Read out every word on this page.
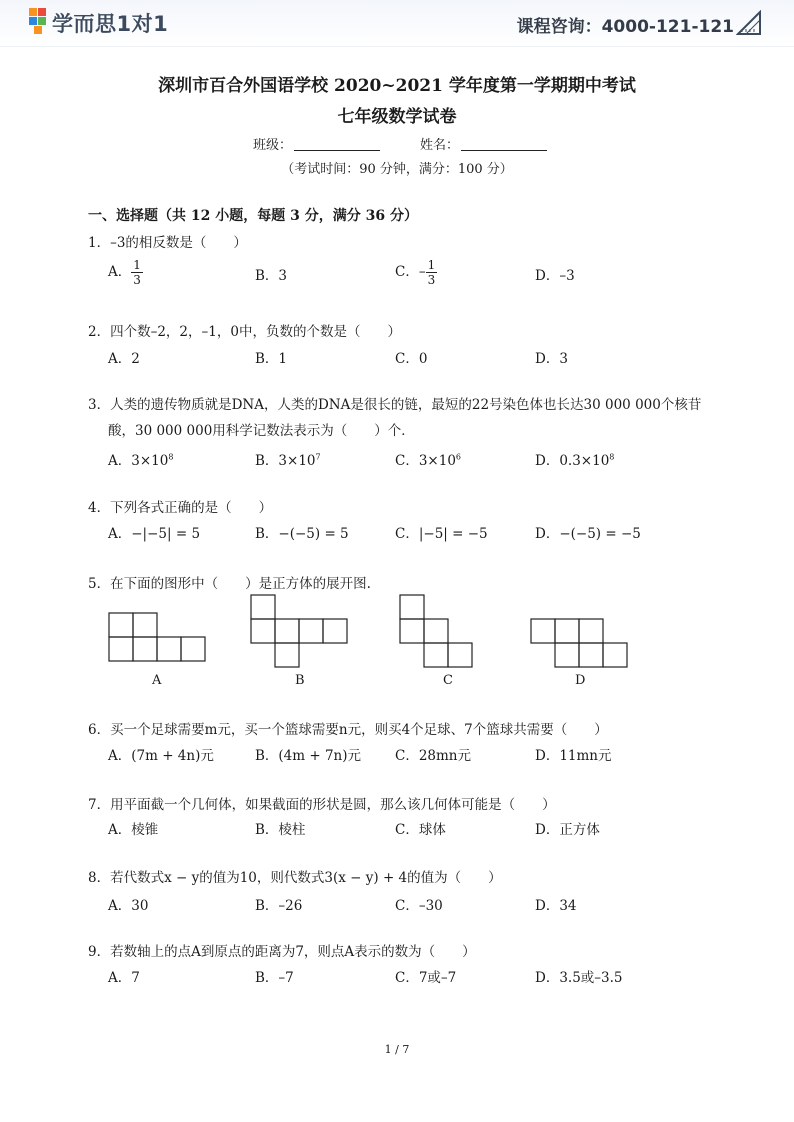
学而思1对1	课程咨询：4000-121-121
深圳市百合外国语学校 2020~2021 学年度第一学期期中考试
七年级数学试卷
班级：	姓名：
（考试时间：90 分钟，满分：100 分）
一、选择题（共 12 小题，每题 3 分，满分 36 分）
1．–3的相反数是（　　）
A． $\frac{1}{3}$	B．3	C．– $\frac{1}{3}$	D．–3
2．四个数–2，2，–1，0中，负数的个数是（　　）
A．2	B．1	C．0	D．3
3．人类的遗传物质就是DNA，人类的DNA是很长的链，最短的22号染色体也长达30 000 000个核苷
酸，30 000 000用科学记数法表示为（　　）个．
A．$3\times 10^8$	B．$3\times 10^7$	C．$3\times 10^6$	D．$0.3\times 10^8$
4．下列各式正确的是（　　）
A．−|−5| = 5	B．−(−5) = 5	C．|−5| = −5	D．−(−5) = −5
5．在下面的图形中（　　）是正方体的展开图.
A	B	C	D
6．买一个足球需要m元，买一个篮球需要n元，则买4个足球、7个篮球共需要（　　）
A．(7m + 4n)元	B．(4m + 7n)元	C．28mn元	D．11mn元
7．用平面截一个几何体，如果截面的形状是圆，那么该几何体可能是（　　）
A．棱锥	B．棱柱	C．球体	D．正方体
8．若代数式x − y的值为10，则代数式3(x − y) + 4的值为（　　）
A．30	B．–26	C．–30	D．34
9．若数轴上的点A到原点的距离为7，则点A表示的数为（　　）
A．7	B．–7	C．7或–7	D．3.5或–3.5
1 / 7
